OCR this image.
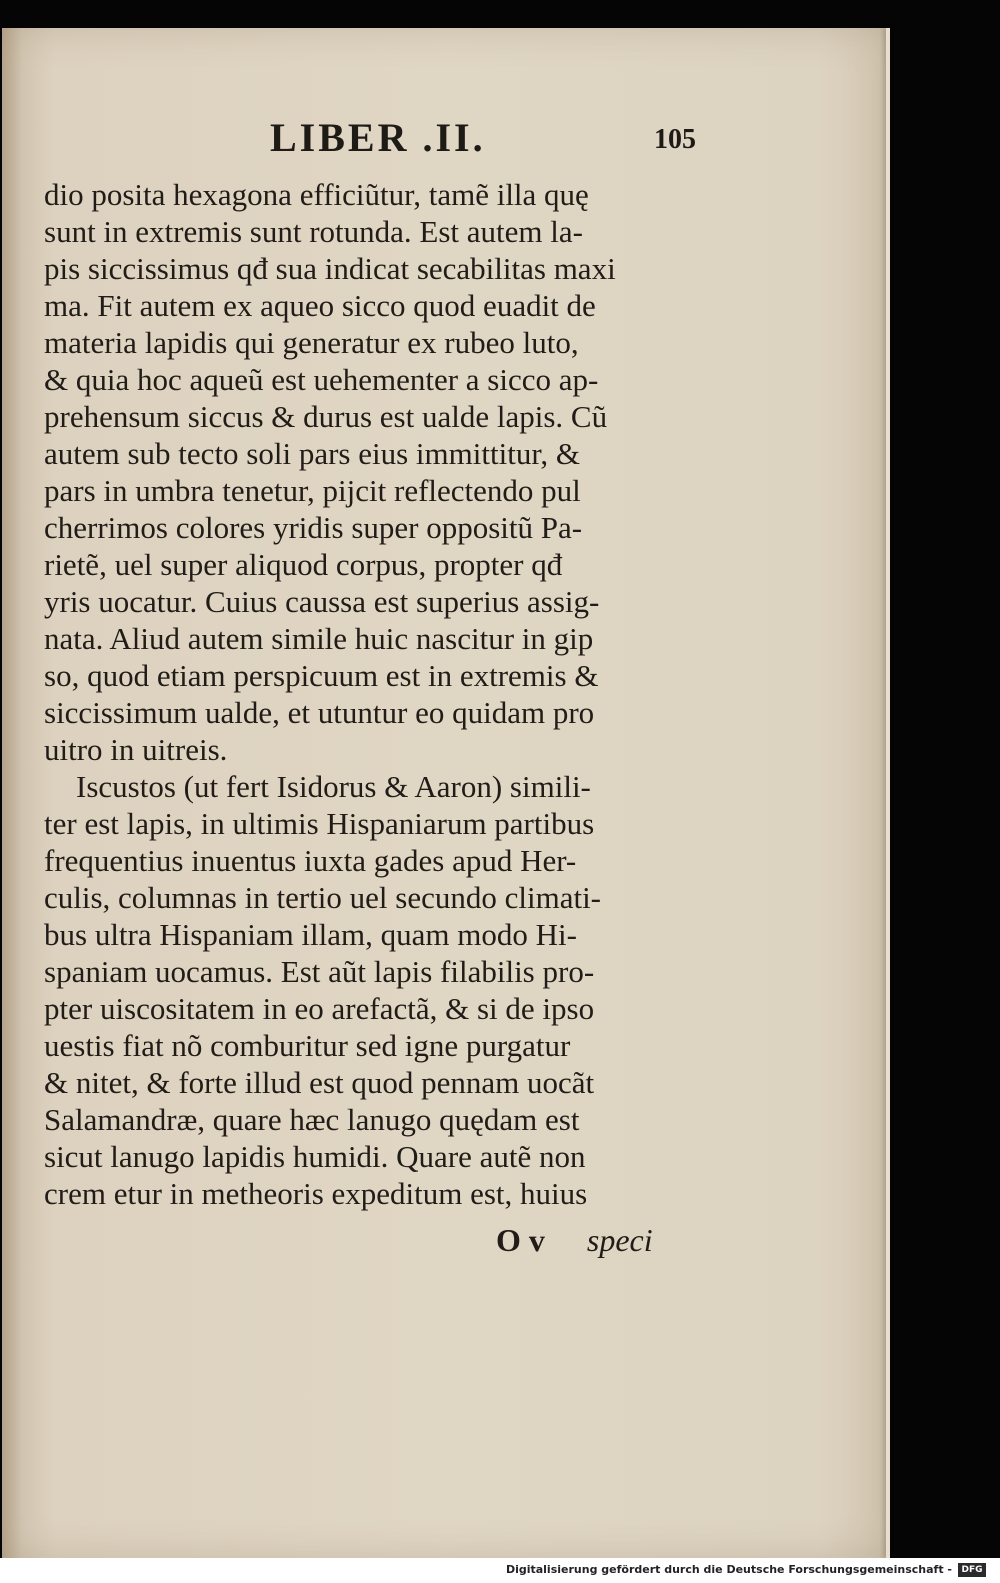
LIBER .II.	105
dio posita hexagona efficiũtur, tamẽ illa quę
sunt in extremis sunt rotunda. Est autem la-
pis siccissimus qđ sua indicat secabilitas maxi
ma. Fit autem ex aqueo sicco quod euadit de
materia lapidis qui generatur ex rubeo luto,
& quia hoc aqueũ est uehementer a sicco ap-
prehensum siccus & durus est ualde lapis. Cũ
autem sub tecto soli pars eius immittitur, &
pars in umbra tenetur, pijcit reflectendo pul
cherrimos colores yridis super oppositũ Pa-
rietẽ, uel super aliquod corpus, propter qđ
yris uocatur. Cuius caussa est superius assig-
nata. Aliud autem simile huic nascitur in gip
so, quod etiam perspicuum est in extremis &
siccissimum ualde, et utuntur eo quidam pro
uitro in uitreis.
Iscustos (ut fert Isidorus & Aaron) simili-
ter est lapis, in ultimis Hispaniarum partibus
frequentius inuentus iuxta gades apud Her-
culis, columnas in tertio uel secundo climati-
bus ultra Hispaniam illam, quam modo Hi-
spaniam uocamus. Est aũt lapis filabilis pro-
pter uiscositatem in eo arefactã, & si de ipso
uestis fiat nõ comburitur sed igne purgatur
& nitet, & forte illud est quod pennam uocãt
Salamandræ, quare hæc lanugo quędam est
sicut lanugo lapidis humidi. Quare autẽ non
crem etur in metheoris expeditum est, huius
O v speci
Digitalisierung gefördert durch die Deutsche Forschungsgemeinschaft -	DFG
